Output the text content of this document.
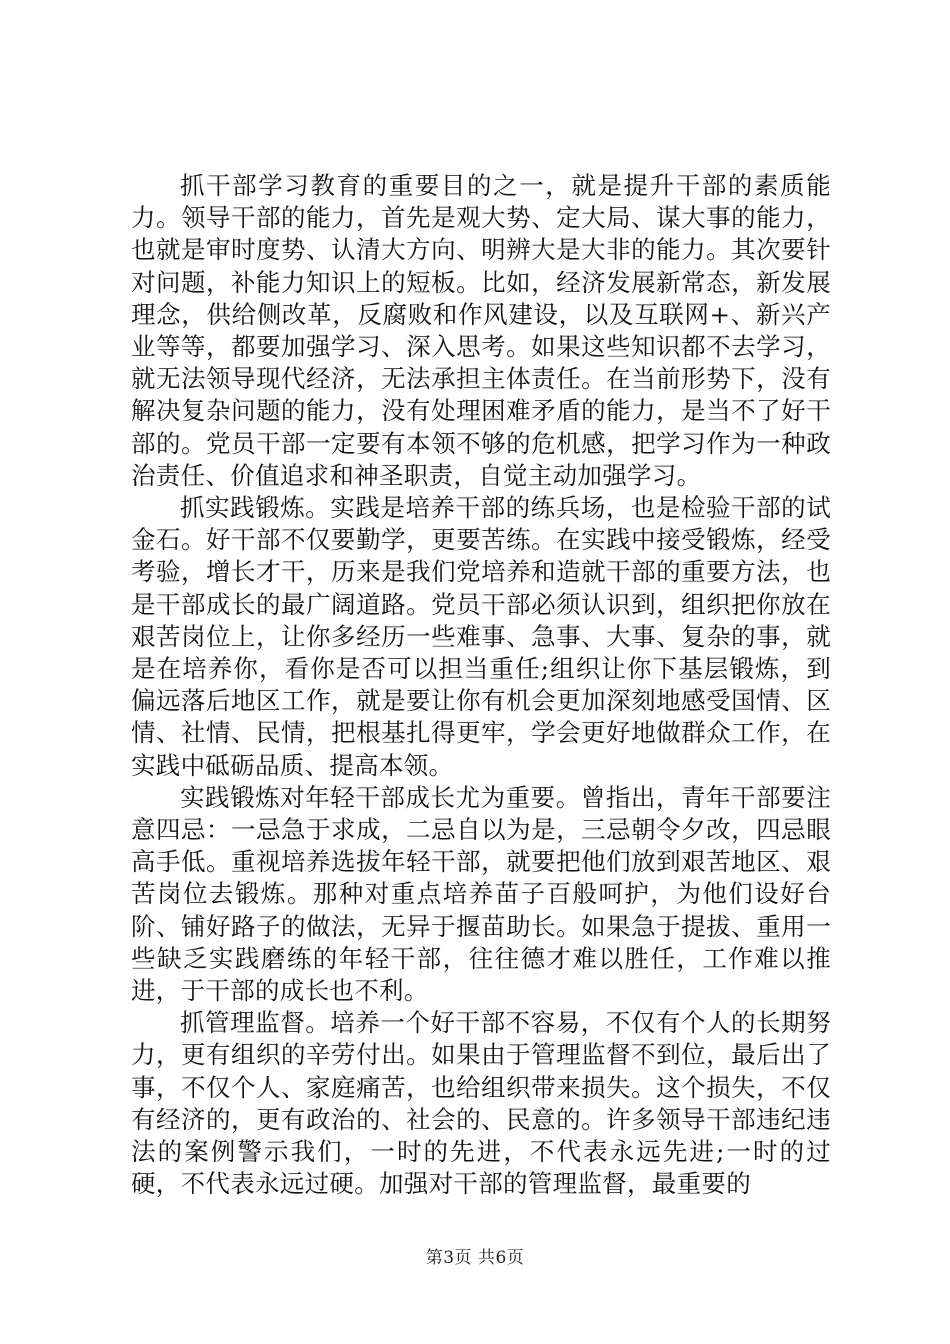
抓干部学习教育的重要目的之一，就是提升干部的素质能力。领导干部的能力，首先是观大势、定大局、谋大事的能力，也就是审时度势、认清大方向、明辨大是大非的能力。其次要针对问题，补能力知识上的短板。比如，经济发展新常态，新发展理念，供给侧改革，反腐败和作风建设，以及互联网+、新兴产业等等，都要加强学习、深入思考。如果这些知识都不去学习，就无法领导现代经济，无法承担主体责任。在当前形势下，没有解决复杂问题的能力，没有处理困难矛盾的能力，是当不了好干部的。党员干部一定要有本领不够的危机感，把学习作为一种政治责任、价值追求和神圣职责，自觉主动加强学习。

抓实践锻炼。实践是培养干部的练兵场，也是检验干部的试金石。好干部不仅要勤学，更要苦练。在实践中接受锻炼，经受考验，增长才干，历来是我们党培养和造就干部的重要方法，也是干部成长的最广阔道路。党员干部必须认识到，组织把你放在艰苦岗位上，让你多经历一些难事、急事、大事、复杂的事，就是在培养你，看你是否可以担当重任;组织让你下基层锻炼，到偏远落后地区工作，就是要让你有机会更加深刻地感受国情、区情、社情、民情，把根基扎得更牢，学会更好地做群众工作，在实践中砥砺品质、提高本领。

实践锻炼对年轻干部成长尤为重要。曾指出，青年干部要注意四忌：一忌急于求成，二忌自以为是，三忌朝令夕改，四忌眼高手低。重视培养选拔年轻干部，就要把他们放到艰苦地区、艰苦岗位去锻炼。那种对重点培养苗子百般呵护，为他们设好台阶、铺好路子的做法，无异于揠苗助长。如果急于提拔、重用一些缺乏实践磨练的年轻干部，往往德才难以胜任，工作难以推进，于干部的成长也不利。

抓管理监督。培养一个好干部不容易，不仅有个人的长期努力，更有组织的辛劳付出。如果由于管理监督不到位，最后出了事，不仅个人、家庭痛苦，也给组织带来损失。这个损失，不仅有经济的，更有政治的、社会的、民意的。许多领导干部违纪违法的案例警示我们，一时的先进，不代表永远先进;一时的过硬，不代表永远过硬。加强对干部的管理监督，最重要的

第3页 共6页
